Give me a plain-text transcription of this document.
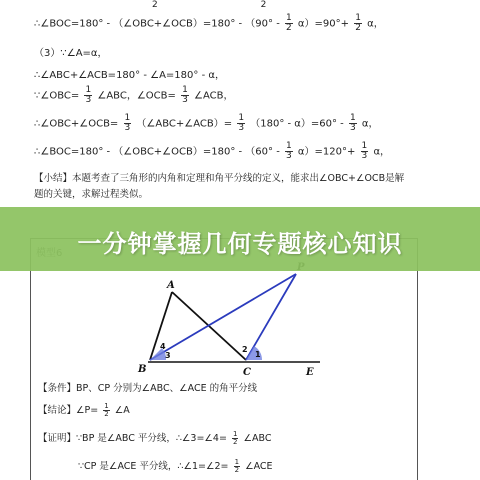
2	2
∴∠BOC=180° - （∠OBC+∠OCB）=180° - $(90^\circ - \frac{1}{2} \alpha)=90^\circ+ \frac{1}{2}$ α，
（3）∵∠A=α，
∴∠ABC+∠ACB=180° - ∠A=180° - α，
∵∠OBC= $\frac{1}{3}$ ∠ABC，∠OCB= $\frac{1}{3}$ ∠ACB，
∴∠OBC+∠OCB= $\frac{1}{3}$ （∠ABC+∠ACB）= $\frac{1}{3} (180^\circ - \alpha)=60^\circ - \frac{1}{3}$ α，
∴∠BOC=180° - （∠OBC+∠OCB）=180° - $(60^\circ - \frac{1}{3} \alpha)=120^\circ+ \frac{1}{3}$ α，
【小结】本题考查了三角形的内角和定理和角平分线的定义，能求出∠OBC+∠OCB是解
题的关键，求解过程类似。
A
B	C	E
4
3
2
1
【条件】BP、CP 分别为∠ABC、∠ACE 的角平分线
【结论】∠P= $\frac{1}{2}$ ∠A
【证明】∵BP 是∠ABC 平分线，∴∠3=∠4= $\frac{1}{2}$ ∠ABC
∵CP 是∠ACE 平分线，∴∠1=∠2= $\frac{1}{2}$ ∠ACE
一分钟掌握几何专题核心知识
